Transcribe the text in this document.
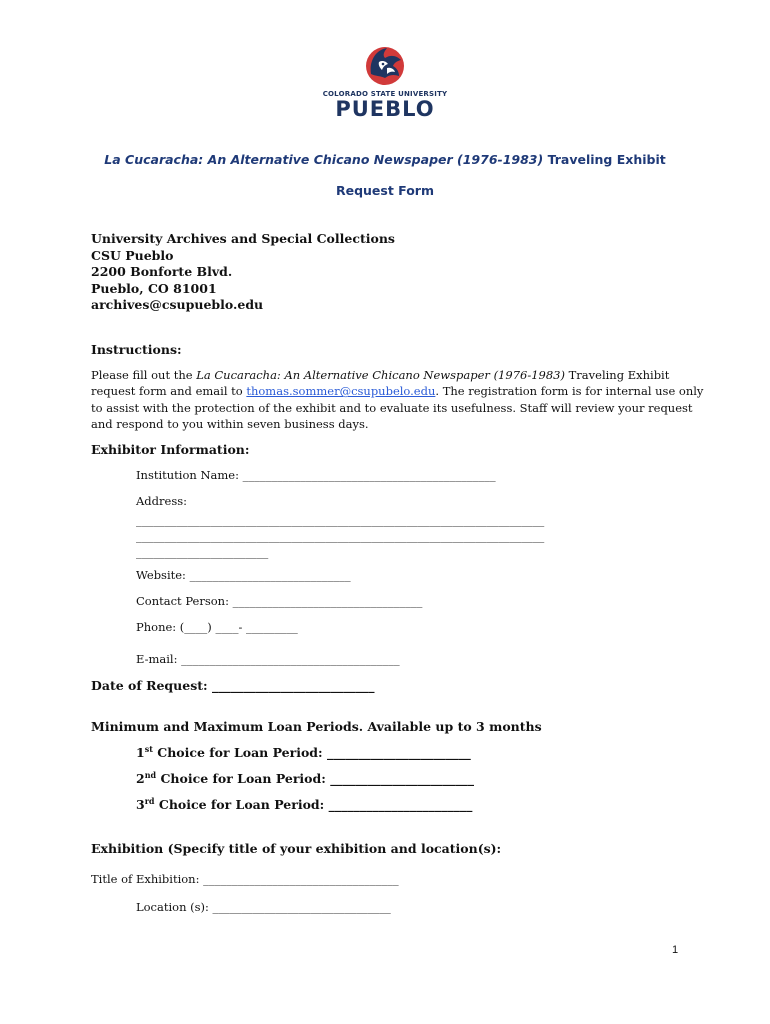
COLORADO STATE UNIVERSITY
PUEBLO
La Cucaracha: An Alternative Chicano Newspaper (1976-1983) Traveling Exhibit
Request Form
University Archives and Special Collections
CSU Pueblo
2200 Bonforte Blvd.
Pueblo, CO 81001
archives@csupueblo.edu
Instructions:
Please fill out the La Cucaracha: An Alternative Chicano Newspaper (1976-1983) Traveling Exhibit
request form and email to thomas.sommer@csupubelo.edu. The registration form is for internal use only
to assist with the protection of the exhibit and to evaluate its usefulness. Staff will review your request
and respond to you within seven business days.
Exhibitor Information:
Institution Name: ____________________________________________
Address:
_______________________________________________________________________
_______________________________________________________________________
_______________________
Website: ____________________________
Contact Person: _________________________________
Phone: (____) ____- _________
E-mail: ______________________________________
Date of Request: __________________________
Minimum and Maximum Loan Periods. Available up to 3 months
1st Choice for Loan Period: _______________________
2nd Choice for Loan Period: _______________________
3rd Choice for Loan Period: _______________________
Exhibition (Specify title of your exhibition and location(s):
Title of Exhibition: __________________________________
Location (s): _______________________________
1
